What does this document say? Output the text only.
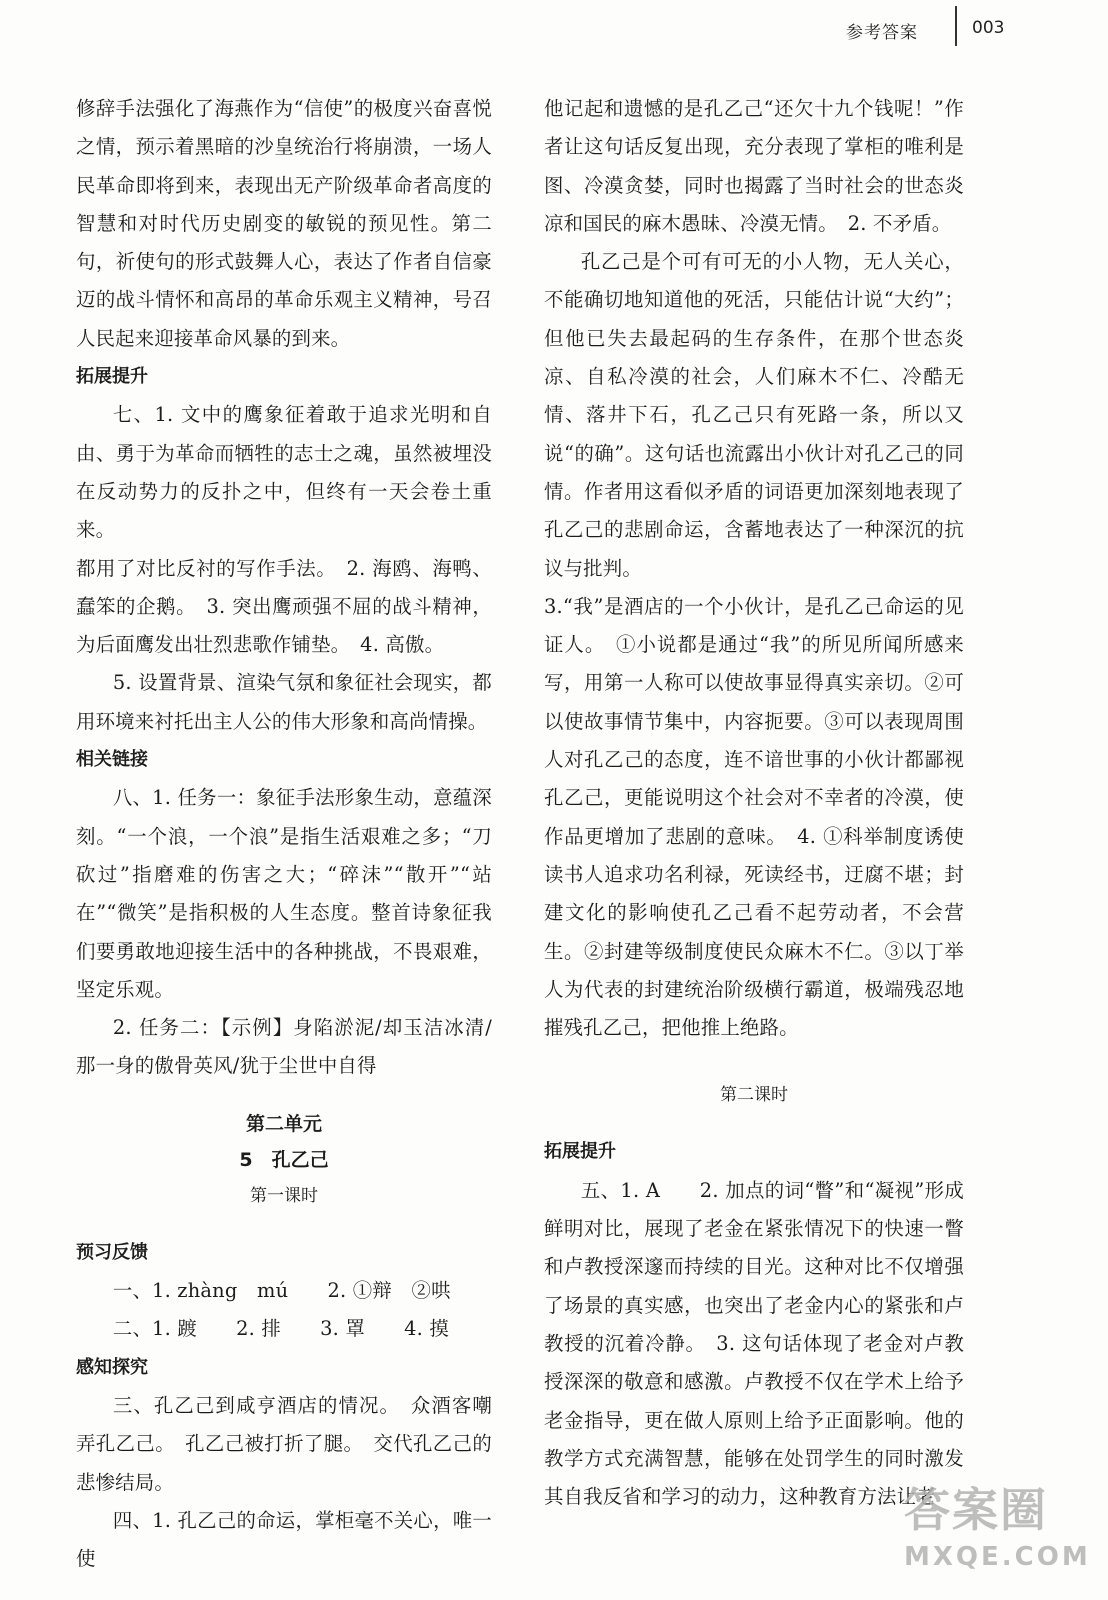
参考答案	003

修辞手法强化了海燕作为“信使”的极度兴奋喜悦之情，预示着黑暗的沙皇统治行将崩溃，一场人民革命即将到来，表现出无产阶级革命者高度的智慧和对时代历史剧变的敏锐的预见性。第二句，祈使句的形式鼓舞人心，表达了作者自信豪迈的战斗情怀和高昂的革命乐观主义精神，号召人民起来迎接革命风暴的到来。

拓展提升

七、1. 文中的鹰象征着敢于追求光明和自由、勇于为革命而牺牲的志士之魂，虽然被埋没在反动势力的反扑之中，但终有一天会卷土重来。

都用了对比反衬的写作手法。　2. 海鸥、海鸭、蠢笨的企鹅。　3. 突出鹰顽强不屈的战斗精神，为后面鹰发出壮烈悲歌作铺垫。　4. 高傲。

5. 设置背景、渲染气氛和象征社会现实，都用环境来衬托出主人公的伟大形象和高尚情操。

相关链接

八、1. 任务一：象征手法形象生动，意蕴深刻。“一个浪，一个浪”是指生活艰难之多；“刀砍过”指磨难的伤害之大；“碎沫”“散开”“站在”“微笑”是指积极的人生态度。整首诗象征我们要勇敢地迎接生活中的各种挑战，不畏艰难，坚定乐观。

2. 任务二：【示例】身陷淤泥/却玉洁冰清/那一身的傲骨英风/犹于尘世中自得

第二单元
5　孔乙己
第一课时
预习反馈

一、1. zhàng　mú　　2. ①辩　②哄

二、1. 踱　　2. 排　　3. 罩　　4. 摸

感知探究

三、孔乙己到咸亨酒店的情况。　众酒客嘲弄孔乙己。　孔乙己被打折了腿。　交代孔乙己的悲惨结局。

四、1. 孔乙己的命运，掌柜毫不关心，唯一使

他记起和遗憾的是孔乙己“还欠十九个钱呢！”作者让这句话反复出现，充分表现了掌柜的唯利是图、冷漠贪婪，同时也揭露了当时社会的世态炎凉和国民的麻木愚昧、冷漠无情。　2. 不矛盾。

孔乙己是个可有可无的小人物，无人关心，不能确切地知道他的死活，只能估计说“大约”；但他已失去最起码的生存条件，在那个世态炎凉、自私冷漠的社会，人们麻木不仁、冷酷无情、落井下石，孔乙己只有死路一条，所以又说“的确”。这句话也流露出小伙计对孔乙己的同情。作者用这看似矛盾的词语更加深刻地表现了孔乙己的悲剧命运，含蓄地表达了一种深沉的抗议与批判。

3.“我”是酒店的一个小伙计，是孔乙己命运的见证人。　①小说都是通过“我”的所见所闻所感来写，用第一人称可以使故事显得真实亲切。②可以使故事情节集中，内容扼要。③可以表现周围人对孔乙己的态度，连不谙世事的小伙计都鄙视孔乙己，更能说明这个社会对不幸者的冷漠，使作品更增加了悲剧的意味。　4. ①科举制度诱使读书人追求功名利禄，死读经书，迂腐不堪；封建文化的影响使孔乙己看不起劳动者，不会营生。②封建等级制度使民众麻木不仁。③以丁举人为代表的封建统治阶级横行霸道，极端残忍地摧残孔乙己，把他推上绝路。

第二课时
拓展提升

五、1. A　　2. 加点的词“瞥”和“凝视”形成鲜明对比，展现了老金在紧张情况下的快速一瞥和卢教授深邃而持续的目光。这种对比不仅增强了场景的真实感，也突出了老金内心的紧张和卢教授的沉着冷静。　3. 这句话体现了老金对卢教授深深的敬意和感激。卢教授不仅在学术上给予老金指导，更在做人原则上给予正面影响。他的教学方式充满智慧，能够在处罚学生的同时激发其自我反省和学习的动力，这种教育方法让老

答案圈
MXQE.COM
